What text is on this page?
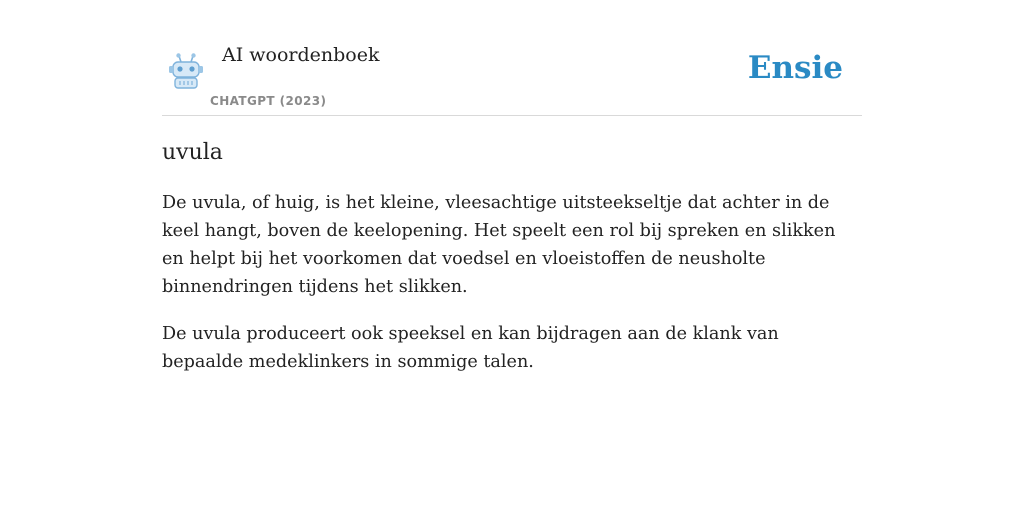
AI woordenboek
CHATGPT (2023)
Ensie
uvula

De uvula, of huig, is het kleine, vleesachtige uitsteekseltje dat achter in de keel hangt, boven de keelopening. Het speelt een rol bij spreken en slikken en helpt bij het voorkomen dat voedsel en vloeistoffen de neusholte binnendringen tijdens het slikken.

De uvula produceert ook speeksel en kan bijdragen aan de klank van bepaalde medeklinkers in sommige talen.
